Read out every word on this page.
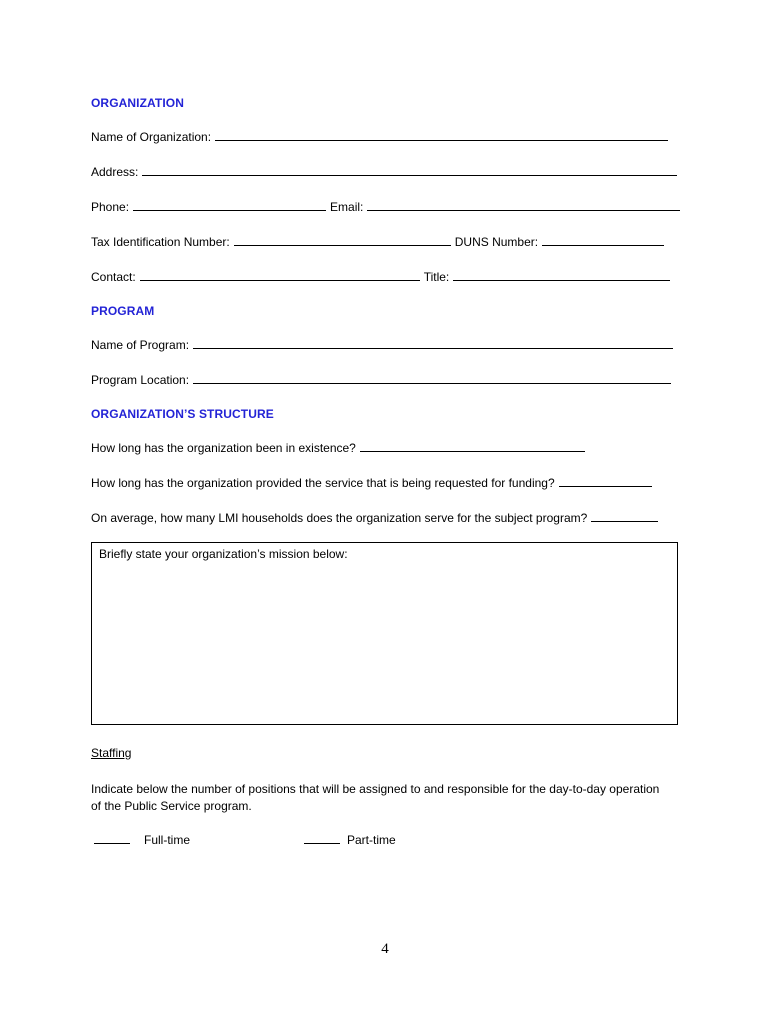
ORGANIZATION
Name of Organization:
Address:
Phone:	Email:
Tax Identification Number:	DUNS Number:
Contact:	Title:
PROGRAM
Name of Program:
Program Location:
ORGANIZATION’S STRUCTURE
How long has the organization been in existence?
How long has the organization provided the service that is being requested for funding?
On average, how many LMI households does the organization serve for the subject program?
Briefly state your organization’s mission below:
Staffing
Indicate below the number of positions that will be assigned to and responsible for the day-to-day operation of the Public Service program.
Full-time	Part-time
4
